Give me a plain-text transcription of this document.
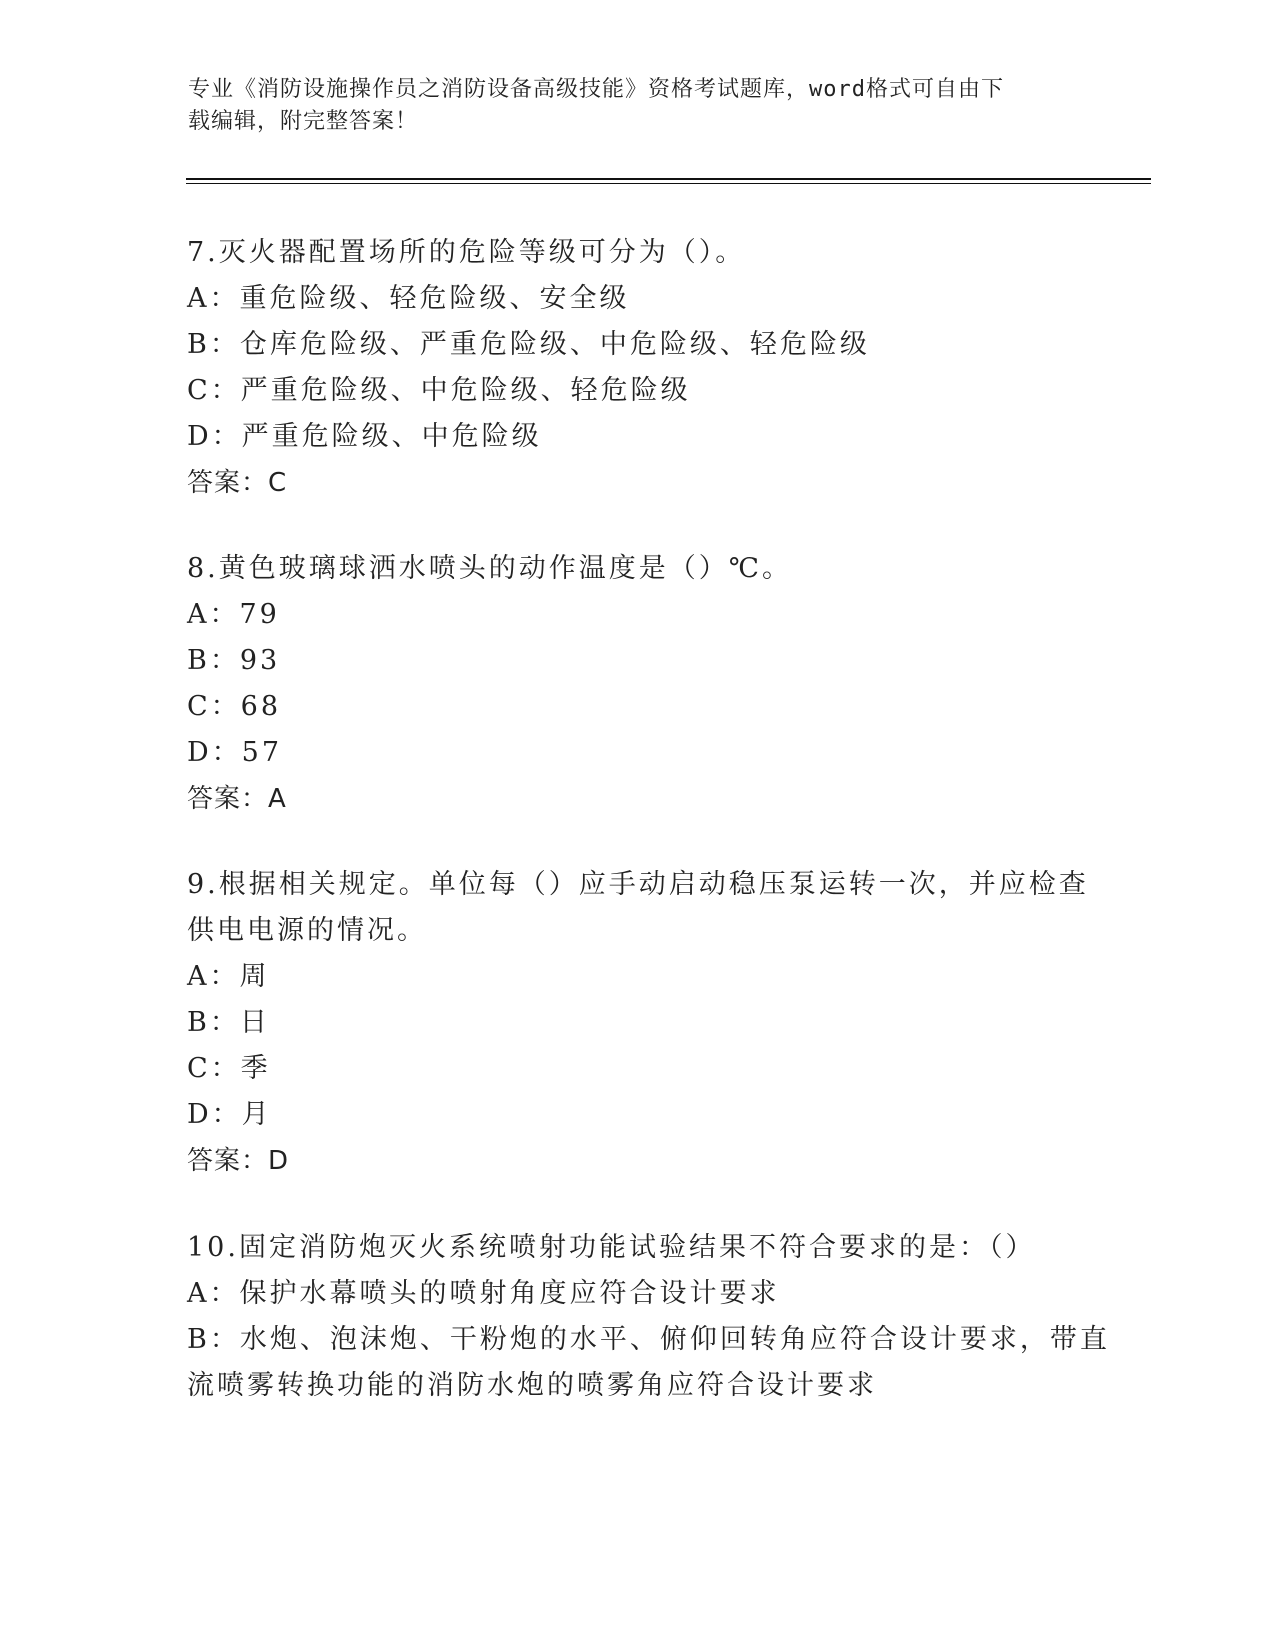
专业《消防设施操作员之消防设备高级技能》资格考试题库，word格式可自由下
载编辑，附完整答案！
7.灭火器配置场所的危险等级可分为（）。
A：重危险级、轻危险级、安全级
B：仓库危险级、严重危险级、中危险级、轻危险级
C：严重危险级、中危险级、轻危险级
D：严重危险级、中危险级
答案：C
8.黄色玻璃球洒水喷头的动作温度是（）℃。
A：79
B：93
C：68
D：57
答案：A
9.根据相关规定。单位每（）应手动启动稳压泵运转一次，并应检查
供电电源的情况。
A：周
B：日
C：季
D：月
答案：D
10.固定消防炮灭火系统喷射功能试验结果不符合要求的是：（）
A：保护水幕喷头的喷射角度应符合设计要求
B：水炮、泡沫炮、干粉炮的水平、俯仰回转角应符合设计要求，带直
流喷雾转换功能的消防水炮的喷雾角应符合设计要求
